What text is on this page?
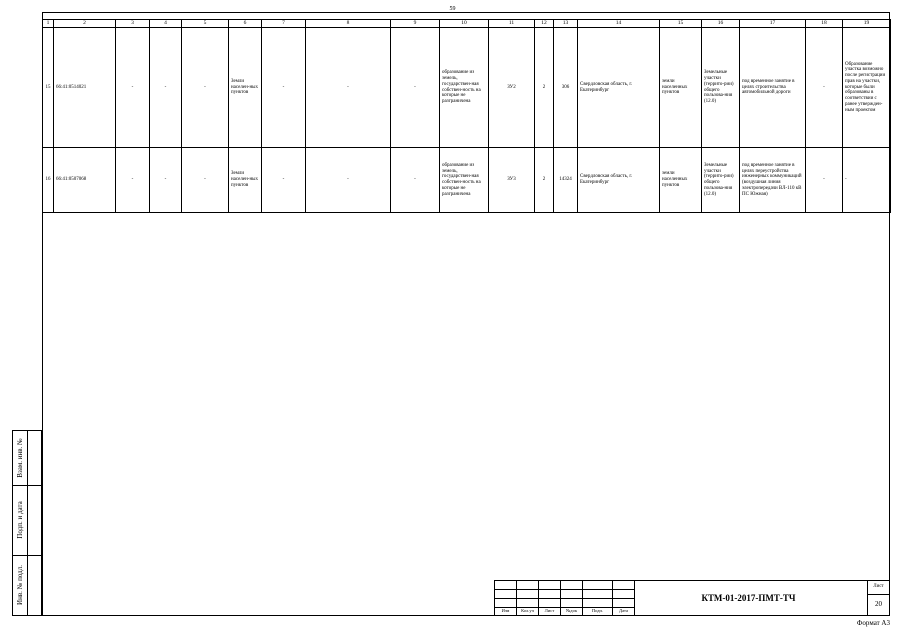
59
1	2	3	4	5	6	7	8	9	10	11	12	13	14	15	16	17	18	19
15	66:41:0514021	-	-	-	Земли населен-ных пунктов	-	-	-	образование из земель, государствен-ная собствен-ность на которые не разграничена	ЗУ2	2	306	Свердловская область, г. Екатеринбург	земли населенных пунктов	Земельные участки (террито-рии) общего пользова-ния (12.0)	под временное занятие в целях строительства автомобильной дороги	-	Образование участка возможно после регистрации прав на участки, которые были образованы в соответствии с ранее утвержден-ным проектом
16	66:41:0507068	-	-	-	Земли населен-ных пунктов	-	-	-	образование из земель, государствен-ная собствен-ность на которые не разграничена	ЗУ3	2	14324	Свердловская область, г. Екатеринбург	земли населенных пунктов	Земельные участки (террито-рии) общего пользова-ния (12.0)	под временное занятие в целях переустройства инженерных коммуникаций (воздушная линия электропередачи ВЛ-110 кВ ПС Южная)	-	-
Взам. инв. №
Подп. и дата
Инв. № подл.
Изм	Кол.уч	Лист	№док	Подп.	Дата
КТМ-01-2017-ПМТ-ТЧ
Лист
20
Формат А3
